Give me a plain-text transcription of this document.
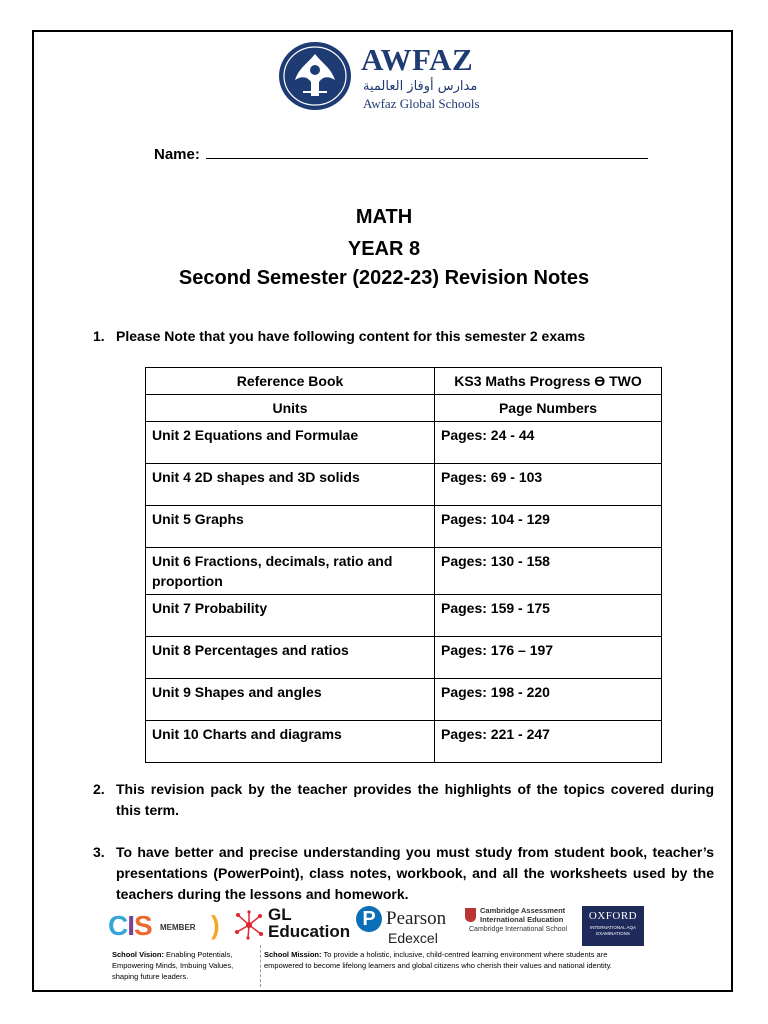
AWFAZ
مدارس أوفاز العالمية
Awfaz Global Schools
Name:
MATH
YEAR 8
Second Semester (2022-23) Revision Notes
1. Please Note that you have following content for this semester 2 exams
Reference Book	KS3 Maths Progress Ɵ TWO
Units	Page Numbers
Unit 2 Equations and Formulae	Pages: 24 - 44
Unit 4 2D shapes and 3D solids	Pages: 69 - 103
Unit 5 Graphs	Pages: 104 - 129
Unit 6 Fractions, decimals, ratio and proportion	Pages: 130 - 158
Unit 7 Probability	Pages: 159 - 175
Unit 8 Percentages and ratios	Pages: 176 – 197
Unit 9 Shapes and angles	Pages: 198 - 220
Unit 10 Charts and diagrams	Pages: 221 - 247
2. This revision pack by the teacher provides the highlights of the topics covered during this term.
3. To have better and precise understanding you must study from student book, teacher’s presentations (PowerPoint), class notes, workbook, and all the worksheets used by the teachers during the lessons and homework.
CIS MEMBER )	GL
Education
P Pearson
Edexcel
Cambridge Assessment
International Education
Cambridge International School
OXFORD
INTERNATIONAL AQA EXAMINATIONS
School Vision: Enabling Potentials, Empowering Minds, Imbuing Values, shaping future leaders.
School Mission: To provide a holistic, inclusive, child-centred learning environment where students are empowered to become lifelong learners and global citizens who cherish their values and national identity.
